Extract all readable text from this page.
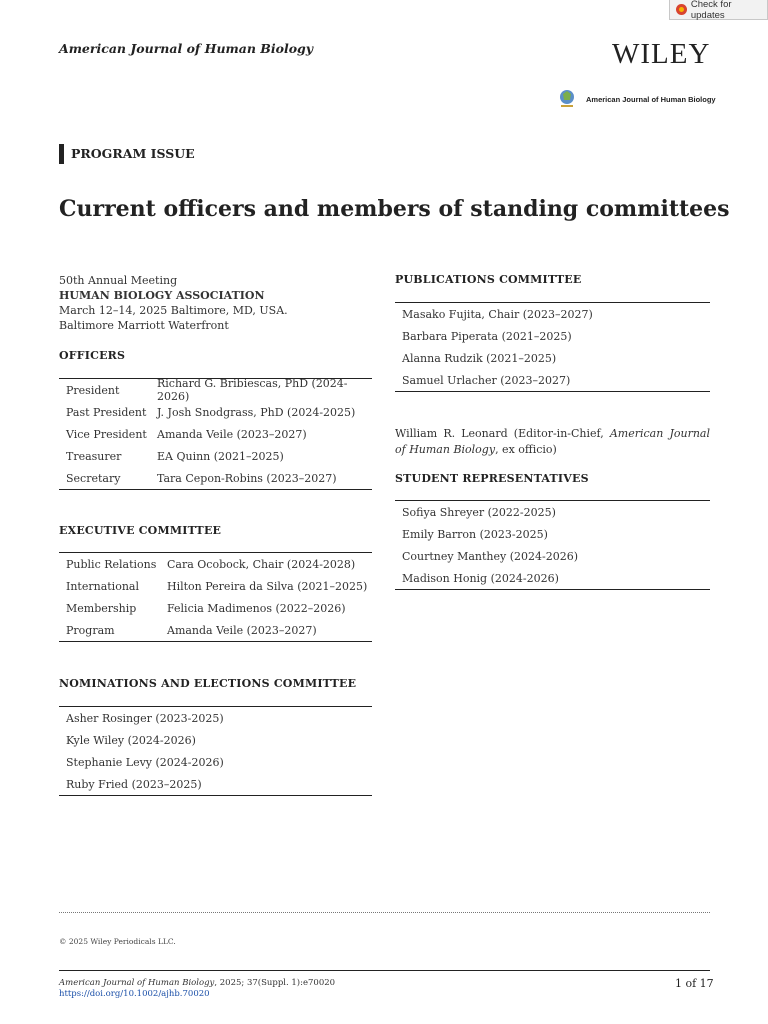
American Journal of Human Biology	WILEY
Check for updates
American Journal of Human Biology
PROGRAM ISSUE
Current officers and members of standing committees
50th Annual Meeting
HUMAN BIOLOGY ASSOCIATION
March 12–14, 2025 Baltimore, MD, USA.
Baltimore Marriott Waterfront
OFFICERS
President	Richard G. Bribiescas, PhD (2024-2026)
Past President J. Josh Snodgrass, PhD (2024-2025)
Vice President Amanda Veile (2023–2027)
Treasurer	EA Quinn (2021–2025)
Secretary	Tara Cepon-Robins (2023–2027)
EXECUTIVE COMMITTEE
Public Relations Cara Ocobock, Chair (2024-2028)
International	Hilton Pereira da Silva (2021–2025)
Membership	Felicia Madimenos (2022–2026)
Program	Amanda Veile (2023–2027)
NOMINATIONS AND ELECTIONS COMMITTEE
Asher Rosinger (2023-2025)
Kyle Wiley (2024-2026)
Stephanie Levy (2024-2026)
Ruby Fried (2023–2025)
PUBLICATIONS COMMITTEE
Masako Fujita, Chair (2023–2027)
Barbara Piperata (2021–2025)
Alanna Rudzik (2021–2025)
Samuel Urlacher (2023–2027)
William R. Leonard (Editor-in-Chief, American Journal of Human Biology, ex officio)
STUDENT REPRESENTATIVES
Sofiya Shreyer (2022-2025)
Emily Barron (2023-2025)
Courtney Manthey (2024-2026)
Madison Honig (2024-2026)
© 2025 Wiley Periodicals LLC.
American Journal of Human Biology, 2025; 37(Suppl. 1):e70020
https://doi.org/10.1002/ajhb.70020
1 of 17
